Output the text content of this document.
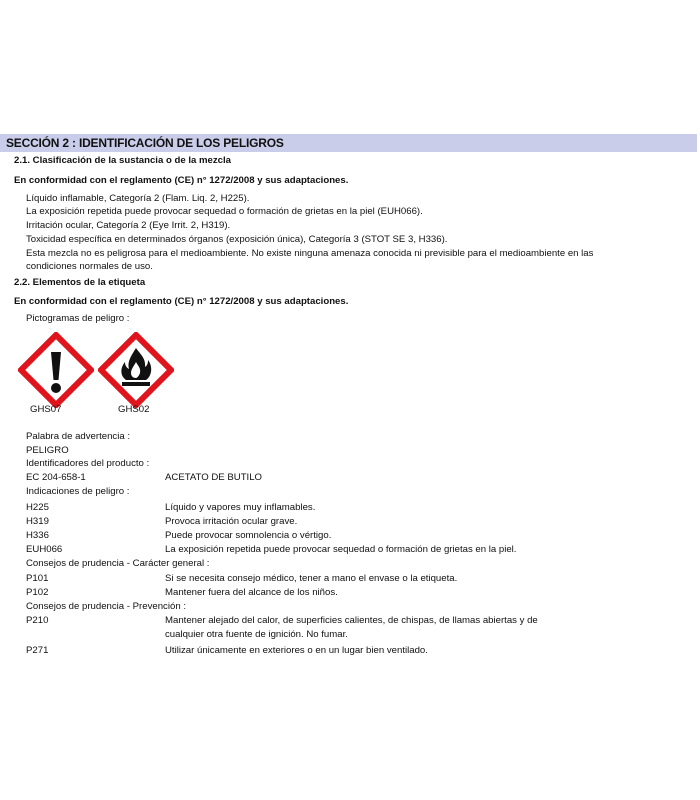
SECCIÓN 2 : IDENTIFICACIÓN DE LOS PELIGROS
2.1. Clasificación de la sustancia o de la mezcla
En conformidad con el reglamento (CE) n° 1272/2008 y sus adaptaciones.
Líquido inflamable, Categoría 2 (Flam. Liq. 2, H225).
La exposición repetida puede provocar sequedad o formación de grietas en la piel (EUH066).
Irritación ocular, Categoría 2 (Eye Irrit. 2, H319).
Toxicidad específica en determinados órganos (exposición única), Categoría 3 (STOT SE 3, H336).
Esta mezcla no es peligrosa para el medioambiente. No existe ninguna amenaza conocida ni previsible para el medioambiente en las
condiciones normales de uso.
2.2. Elementos de la etiqueta
En conformidad con el reglamento (CE) n° 1272/2008 y sus adaptaciones.
Pictogramas de peligro :
GHS07	GHS02
Palabra de advertencia :
PELIGRO
Identificadores del producto :
EC 204-658-1	ACETATO DE BUTILO
Indicaciones de peligro :
H225	Líquido y vapores muy inflamables.
H319	Provoca irritación ocular grave.
H336	Puede provocar somnolencia o vértigo.
EUH066	La exposición repetida puede provocar sequedad o formación de grietas en la piel.
Consejos de prudencia - Carácter general :
P101	Si se necesita consejo médico, tener a mano el envase o la etiqueta.
P102	Mantener fuera del alcance de los niños.
Consejos de prudencia - Prevención :
P210	Mantener alejado del calor, de superficies calientes, de chispas, de llamas abiertas y de
cualquier otra fuente de ignición. No fumar.
P271	Utilizar únicamente en exteriores o en un lugar bien ventilado.
